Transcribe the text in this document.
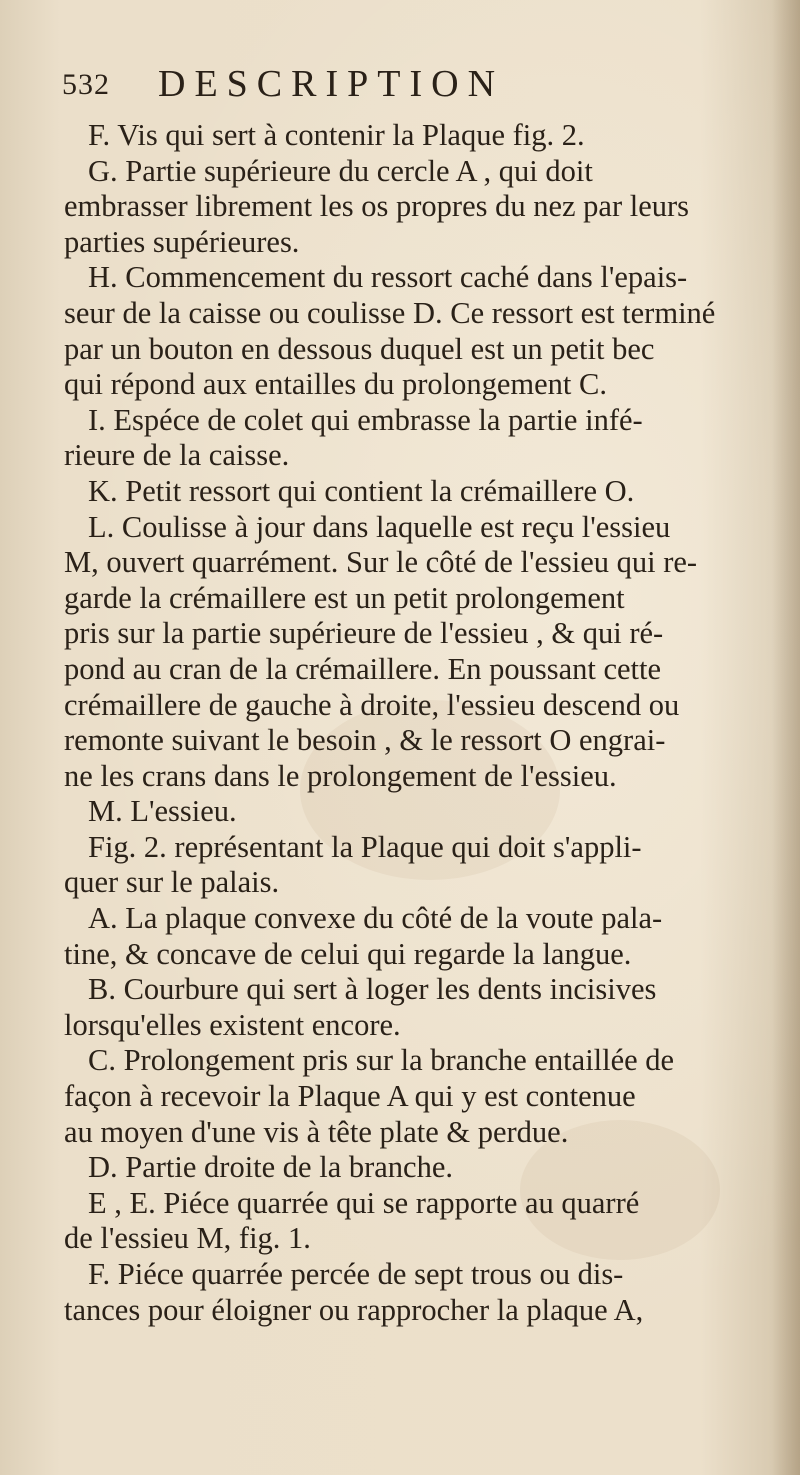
532 DESCRIPTION
F. Vis qui sert à contenir la Plaque fig. 2.
G. Partie supérieure du cercle A , qui doit
embrasser librement les os propres du nez par leurs
parties supérieures.
H. Commencement du ressort caché dans l'epais-
seur de la caisse ou coulisse D. Ce ressort est terminé
par un bouton en dessous duquel est un petit bec
qui répond aux entailles du prolongement C.
I. Espéce de colet qui embrasse la partie infé-
rieure de la caisse.
K. Petit ressort qui contient la crémaillere O.
L. Coulisse à jour dans laquelle est reçu l'essieu
M, ouvert quarrément. Sur le côté de l'essieu qui re-
garde la crémaillere est un petit prolongement
pris sur la partie supérieure de l'essieu , & qui ré-
pond au cran de la crémaillere. En poussant cette
crémaillere de gauche à droite, l'essieu descend ou
remonte suivant le besoin , & le ressort O engrai-
ne les crans dans le prolongement de l'essieu.
M. L'essieu.
Fig. 2. représentant la Plaque qui doit s'appli-
quer sur le palais.
A. La plaque convexe du côté de la voute pala-
tine, & concave de celui qui regarde la langue.
B. Courbure qui sert à loger les dents incisives
lorsqu'elles existent encore.
C. Prolongement pris sur la branche entaillée de
façon à recevoir la Plaque A qui y est contenue
au moyen d'une vis à tête plate & perdue.
D. Partie droite de la branche.
E , E. Piéce quarrée qui se rapporte au quarré
de l'essieu M, fig. 1.
F. Piéce quarrée percée de sept trous ou dis-
tances pour éloigner ou rapprocher la plaque A,
